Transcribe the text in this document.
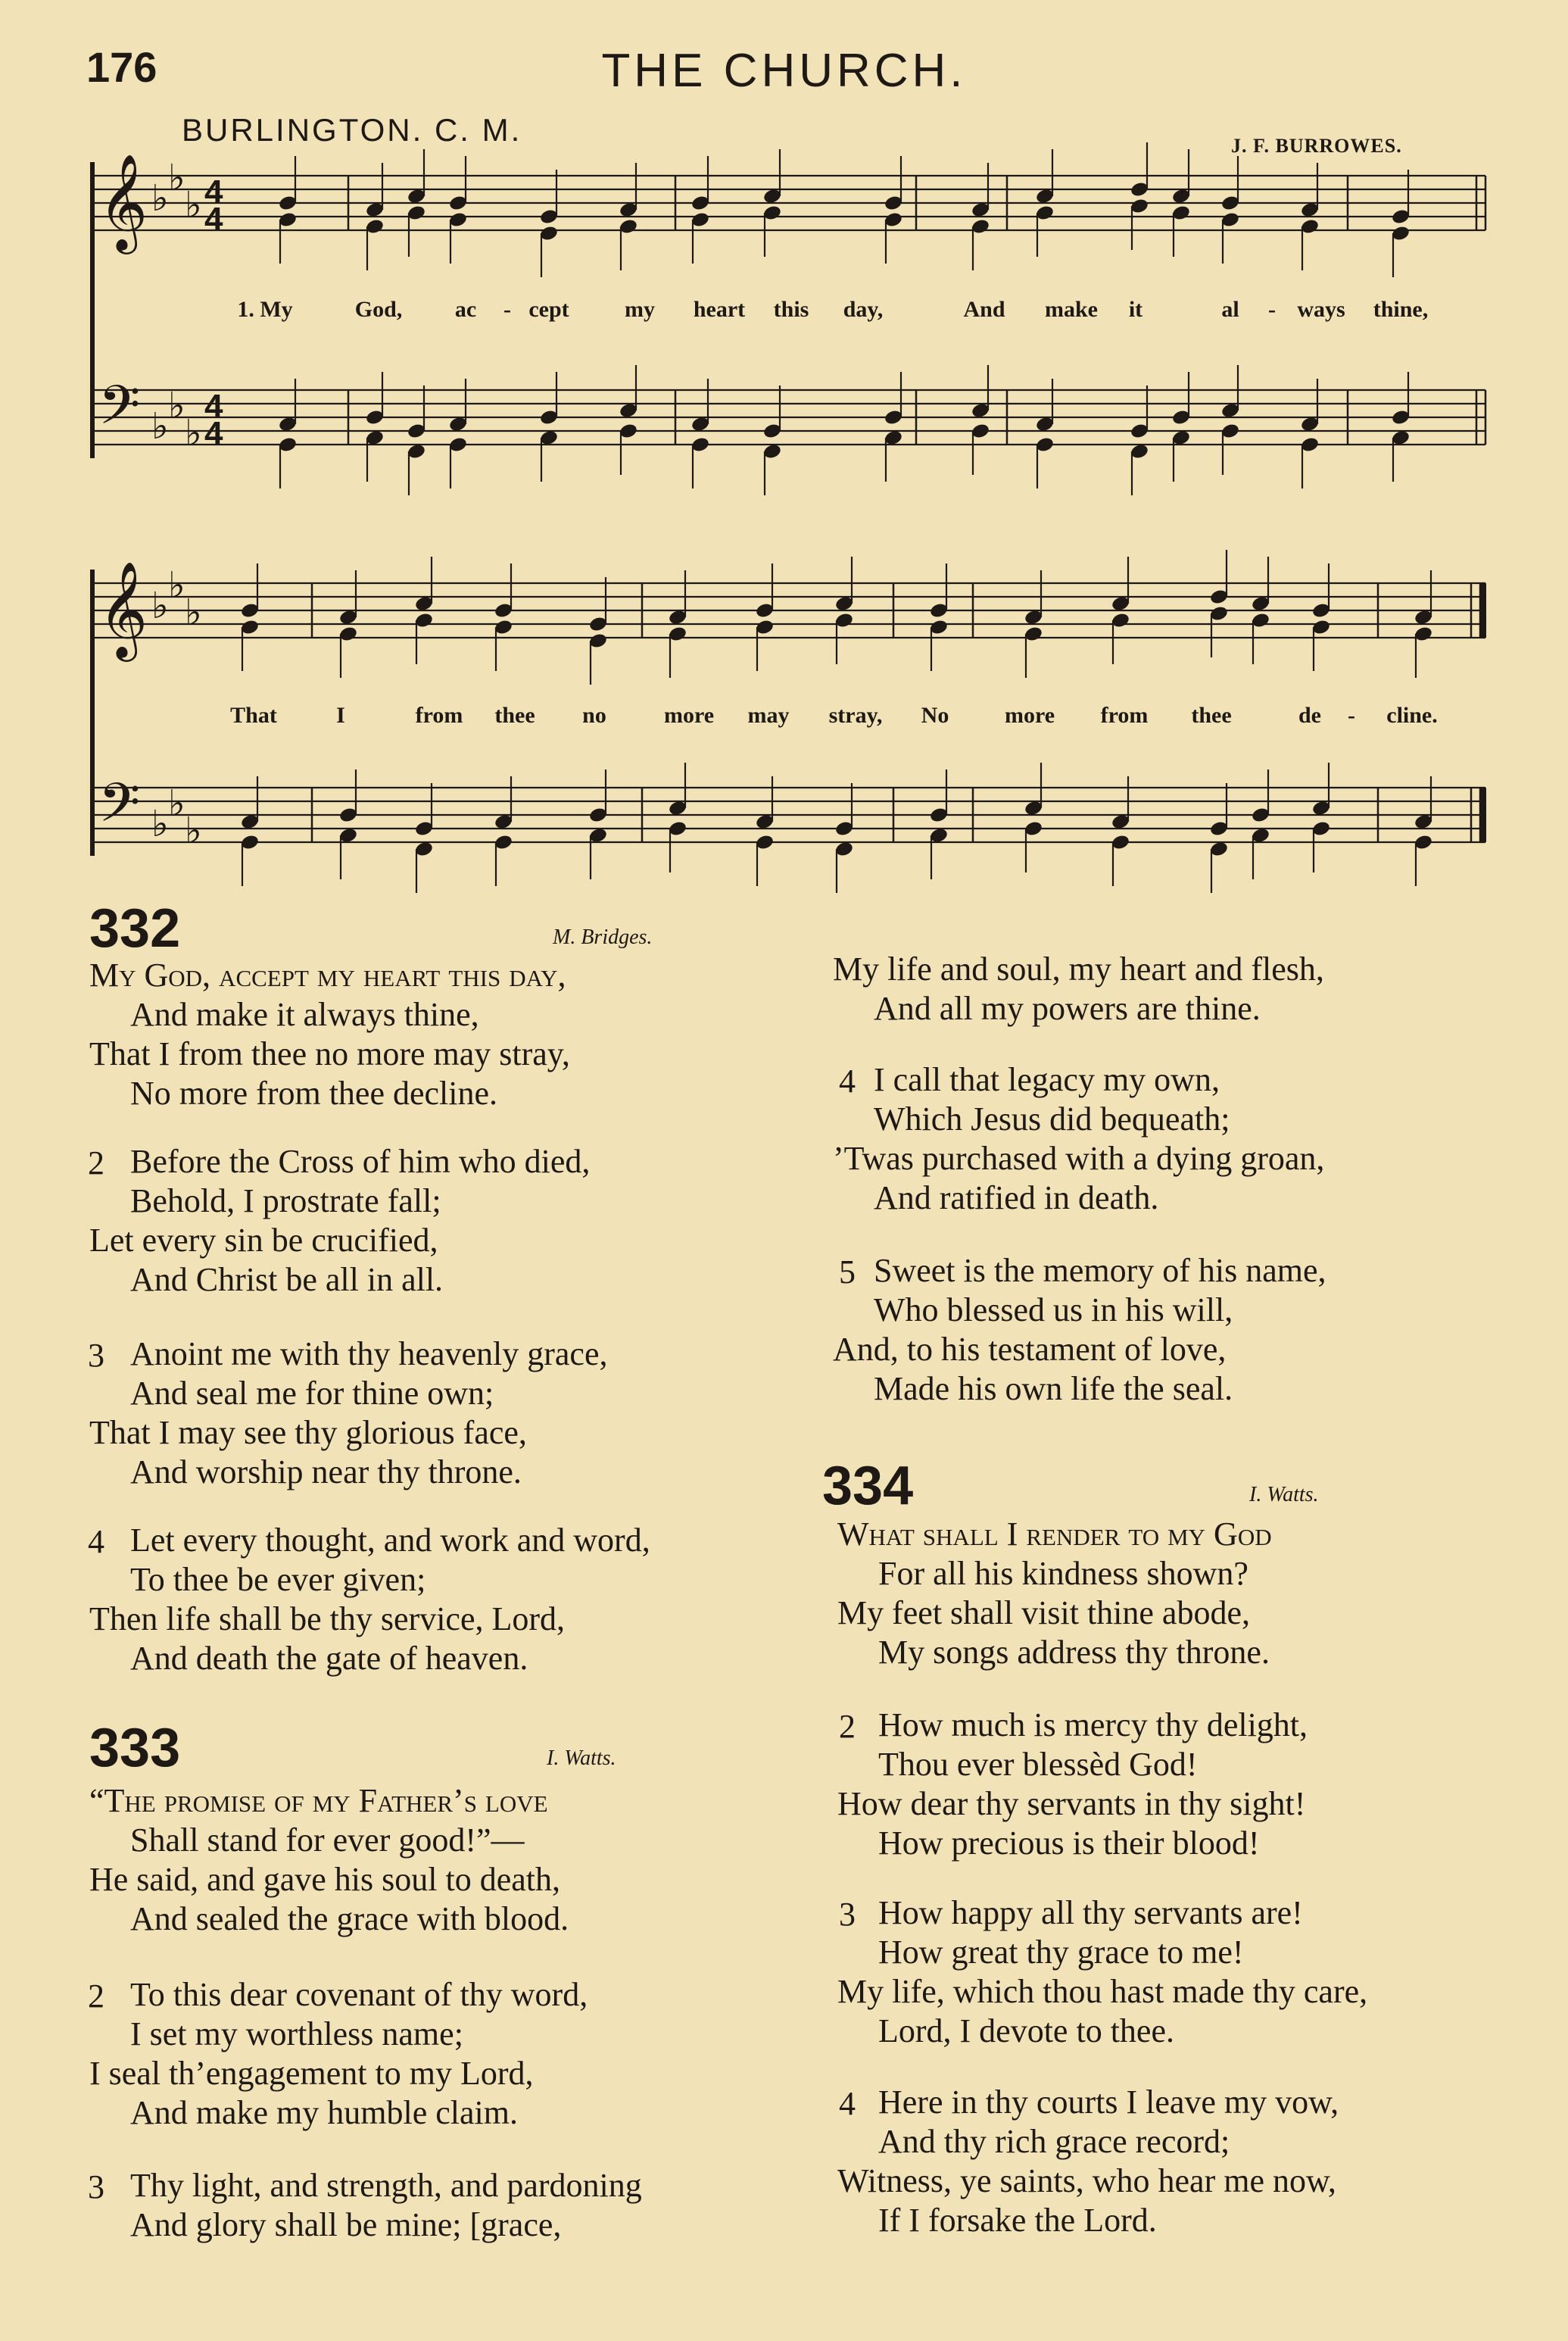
176	THE CHURCH.
BURLINGTON. C. M.	J. F. BURROWES.
𝄞
𝄢
♭ ♭
♭
♭ ♭
♭
4
4
4
4
𝄞
𝄢
♭ ♭
♭
♭ ♭
♭
1. My	God, ac - cept my heart this day,	And make it	al - ways thine,
That	I	from thee no	more may stray, No more from thee	de - cline.
332	M. Bridges.
My God, accept my heart this day,
And make it always thine,
That I from thee no more may stray,
No more from thee decline.
2 Before the Cross of him who died,
Behold, I prostrate fall;
Let every sin be crucified,
And Christ be all in all.
3 Anoint me with thy heavenly grace,
And seal me for thine own;
That I may see thy glorious face,
And worship near thy throne.
4 Let every thought, and work and word,
To thee be ever given;
Then life shall be thy service, Lord,
And death the gate of heaven.
333	I. Watts.
“The promise of my Father’s love
Shall stand for ever good!”—
He said, and gave his soul to death,
And sealed the grace with blood.
2 To this dear covenant of thy word,
I set my worthless name;
I seal th’engagement to my Lord,
And make my humble claim.
3 Thy light, and strength, and pardoning
And glory shall be mine; [grace,
My life and soul, my heart and flesh,
And all my powers are thine.
4 I call that legacy my own,
Which Jesus did bequeath;
’Twas purchased with a dying groan,
And ratified in death.
5 Sweet is the memory of his name,
Who blessed us in his will,
And, to his testament of love,
Made his own life the seal.
334	I. Watts.
What shall I render to my God
For all his kindness shown?
My feet shall visit thine abode,
My songs address thy throne.
2 How much is mercy thy delight,
Thou ever blessèd God!
How dear thy servants in thy sight!
How precious is their blood!
3 How happy all thy servants are!
How great thy grace to me!
My life, which thou hast made thy care,
Lord, I devote to thee.
4 Here in thy courts I leave my vow,
And thy rich grace record;
Witness, ye saints, who hear me now,
If I forsake the Lord.
